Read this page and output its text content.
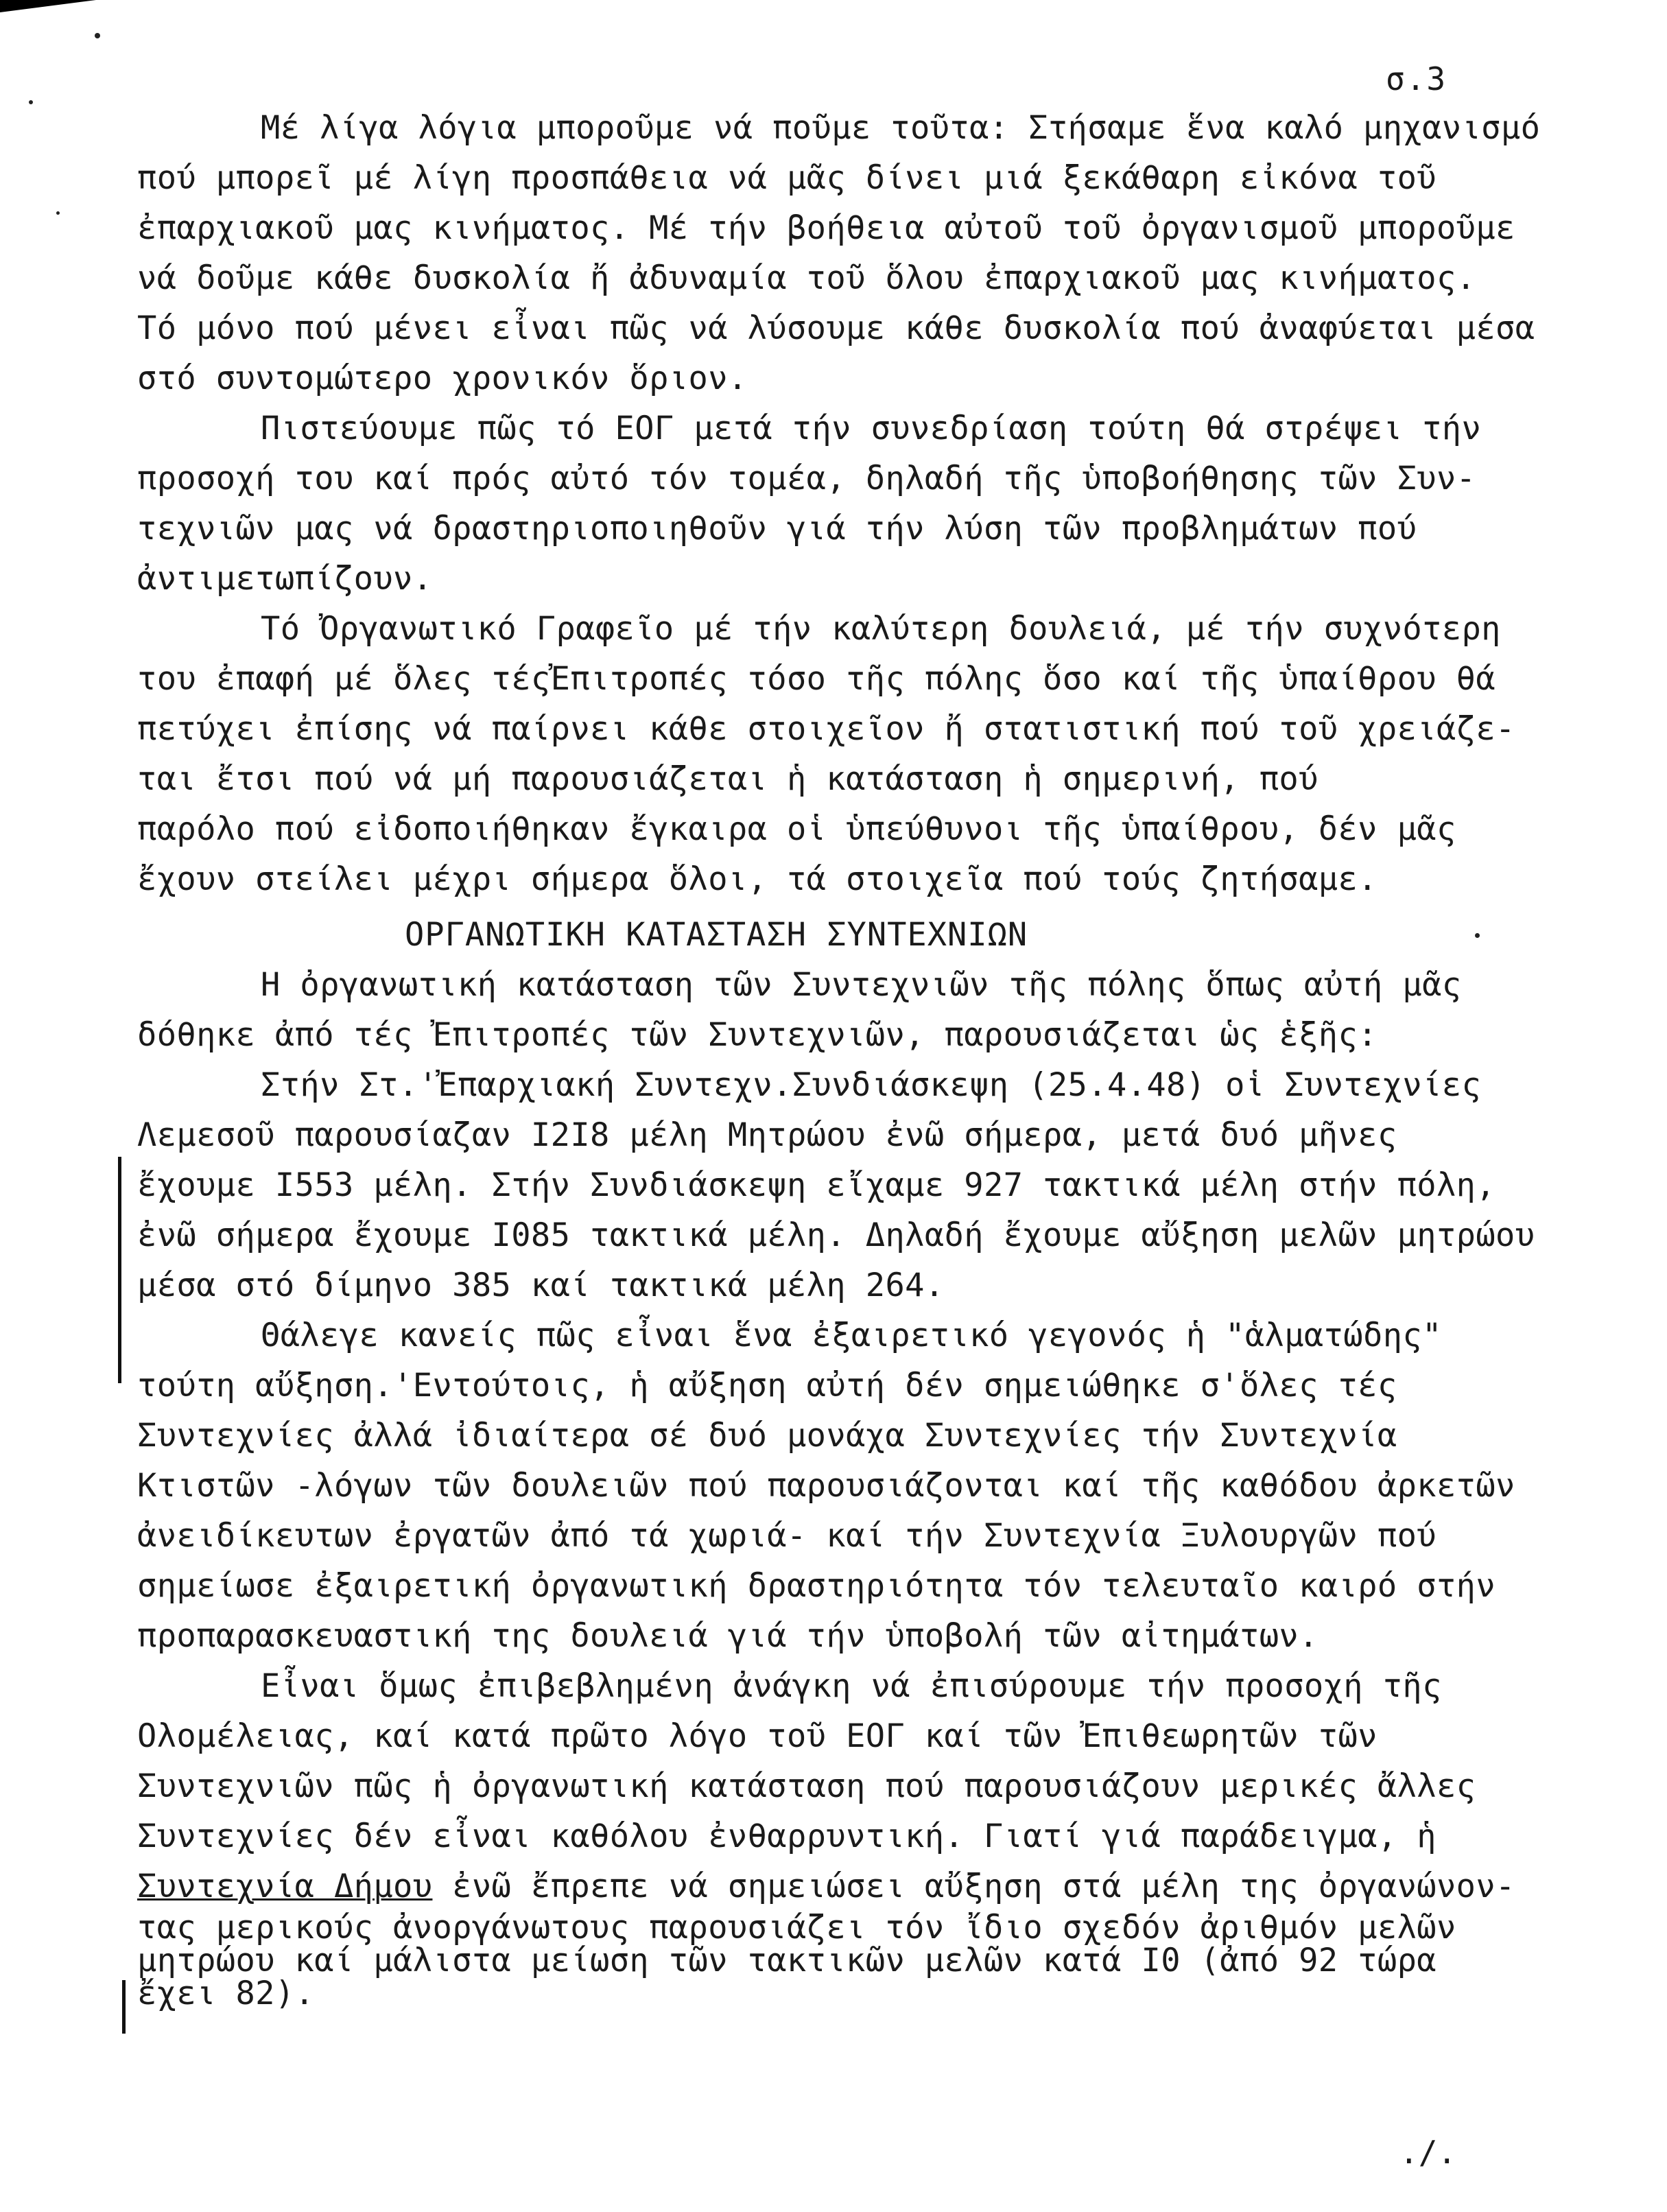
σ.3
Μέ λίγα λόγια μποροῦμε νά ποῦμε τοῦτα: Στήσαμε ἕνα καλό μηχανισμό
πού μπορεῖ μέ λίγη προσπάθεια νά μᾶς δίνει μιά ξεκάθαρη εἰκόνα τοῦ
ἐπαρχιακοῦ μας κινήματος. Μέ τήν βοήθεια αὐτοῦ τοῦ ὀργανισμοῦ μποροῦμε
νά δοῦμε κάθε δυσκολία ἤ ἀδυναμία τοῦ ὅλου ἐπαρχιακοῦ μας κινήματος.
Τό μόνο πού μένει εἶναι πῶς νά λύσουμε κάθε δυσκολία πού ἀναφύεται μέσα
στό συντομώτερο χρονικόν ὅριον.
Πιστεύουμε πῶς τό ΕΟΓ μετά τήν συνεδρίαση τούτη θά στρέψει τήν
προσοχή του καί πρός αὐτό τόν τομέα, δηλαδή τῆς ὑποβοήθησης τῶν Συν-
τεχνιῶν μας νά δραστηριοποιηθοῦν γιά τήν λύση τῶν προβλημάτων πού
ἀντιμετωπίζουν.
Τό Ὀργανωτικό Γραφεῖο μέ τήν καλύτερη δουλειά, μέ τήν συχνότερη
του ἐπαφή μέ ὅλες τέςἘπιτροπές τόσο τῆς πόλης ὅσο καί τῆς ὑπαίθρου θά
πετύχει ἐπίσης νά παίρνει κάθε στοιχεῖον ἤ στατιστική πού τοῦ χρειάζε-
ται ἔτσι πού νά μή παρουσιάζεται ἡ κατάσταση ἡ σημερινή, πού
παρόλο πού εἰδοποιήθηκαν ἔγκαιρα οἱ ὑπεύθυνοι τῆς ὑπαίθρου, δέν μᾶς
ἔχουν στείλει μέχρι σήμερα ὅλοι, τά στοιχεῖα πού τούς ζητήσαμε.
ΟΡΓΑΝΩΤΙΚΗ ΚΑΤΑΣΤΑΣΗ ΣΥΝΤΕΧΝΙΩΝ
Η ὀργανωτική κατάσταση τῶν Συντεχνιῶν τῆς πόλης ὅπως αὐτή μᾶς
δόθηκε ἀπό τές Ἐπιτροπές τῶν Συντεχνιῶν, παρουσιάζεται ὡς ἑξῆς:
Στήν Στ.'Ἐπαρχιακή Συντεχν.Συνδιάσκεψη (25.4.48) οἱ Συντεχνίες
Λεμεσοῦ παρουσίαζαν Ι2Ι8 μέλη Μητρώου ἐνῶ σήμερα, μετά δυό μῆνες
ἔχουμε Ι553 μέλη. Στήν Συνδιάσκεψη εἴχαμε 927 τακτικά μέλη στήν πόλη,
ἐνῶ σήμερα ἔχουμε Ι085 τακτικά μέλη. Δηλαδή ἔχουμε αὔξηση μελῶν μητρώου
μέσα στό δίμηνο 385 καί τακτικά μέλη 264.
Θάλεγε κανείς πῶς εἶναι ἕνα ἐξαιρετικό γεγονός ἡ "ἁλματώδης"
τούτη αὔξηση.'Εντούτοις, ἡ αὔξηση αὐτή δέν σημειώθηκε σ'ὅλες τές
Συντεχνίες ἀλλά ἰδιαίτερα σέ δυό μονάχα Συντεχνίες τήν Συντεχνία
Κτιστῶν -λόγων τῶν δουλειῶν πού παρουσιάζονται καί τῆς καθόδου ἀρκετῶν
ἀνειδίκευτων ἐργατῶν ἀπό τά χωριά- καί τήν Συντεχνία Ξυλουργῶν πού
σημείωσε ἐξαιρετική ὀργανωτική δραστηριότητα τόν τελευταῖο καιρό στήν
προπαρασκευαστική της δουλειά γιά τήν ὑποβολή τῶν αἰτημάτων.
Εἶναι ὅμως ἐπιβεβλημένη ἀνάγκη νά ἐπισύρουμε τήν προσοχή τῆς
Ολομέλειας, καί κατά πρῶτο λόγο τοῦ ΕΟΓ καί τῶν Ἐπιθεωρητῶν τῶν
Συντεχνιῶν πῶς ἡ ὀργανωτική κατάσταση πού παρουσιάζουν μερικές ἄλλες
Συντεχνίες δέν εἶναι καθόλου ἐνθαρρυντική. Γιατί γιά παράδειγμα, ἡ
Συντεχνία Δήμου ἐνῶ ἔπρεπε νά σημειώσει αὔξηση στά μέλη της ὀργανώνον-
τας μερικούς ἀνοργάνωτους παρουσιάζει τόν ἴδιο σχεδόν ἀριθμόν μελῶν
μητρώου καί μάλιστα μείωση τῶν τακτικῶν μελῶν κατά Ι0 (ἀπό 92 τώρα
ἔχει 82).
./.
